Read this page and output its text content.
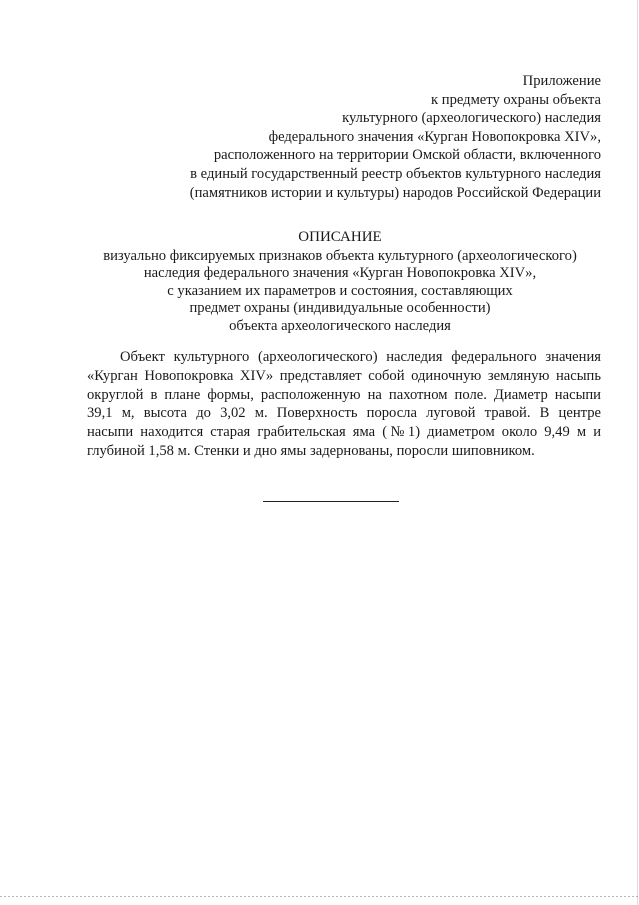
Приложение
к предмету охраны объекта
культурного (археологического) наследия
федерального значения «Курган Новопокровка XIV»,
расположенного на территории Омской области, включенного
в единый государственный реестр объектов культурного наследия
(памятников истории и культуры) народов Российской Федерации
ОПИСАНИЕ
визуально фиксируемых признаков объекта культурного (археологического)
наследия федерального значения «Курган Новопокровка XIV»,
с указанием их параметров и состояния, составляющих
предмет охраны (индивидуальные особенности)
объекта археологического наследия
Объект культурного (археологического) наследия федерального значения
«Курган Новопокровка XIV» представляет собой одиночную земляную насыпь
округлой в плане формы, расположенную на пахотном поле. Диаметр насыпи
39,1 м, высота до 3,02 м. Поверхность поросла луговой травой. В центре
насыпи находится старая грабительская яма (№1) диаметром около 9,49 м и
глубиной 1,58 м. Стенки и дно ямы задернованы, поросли шиповником.
